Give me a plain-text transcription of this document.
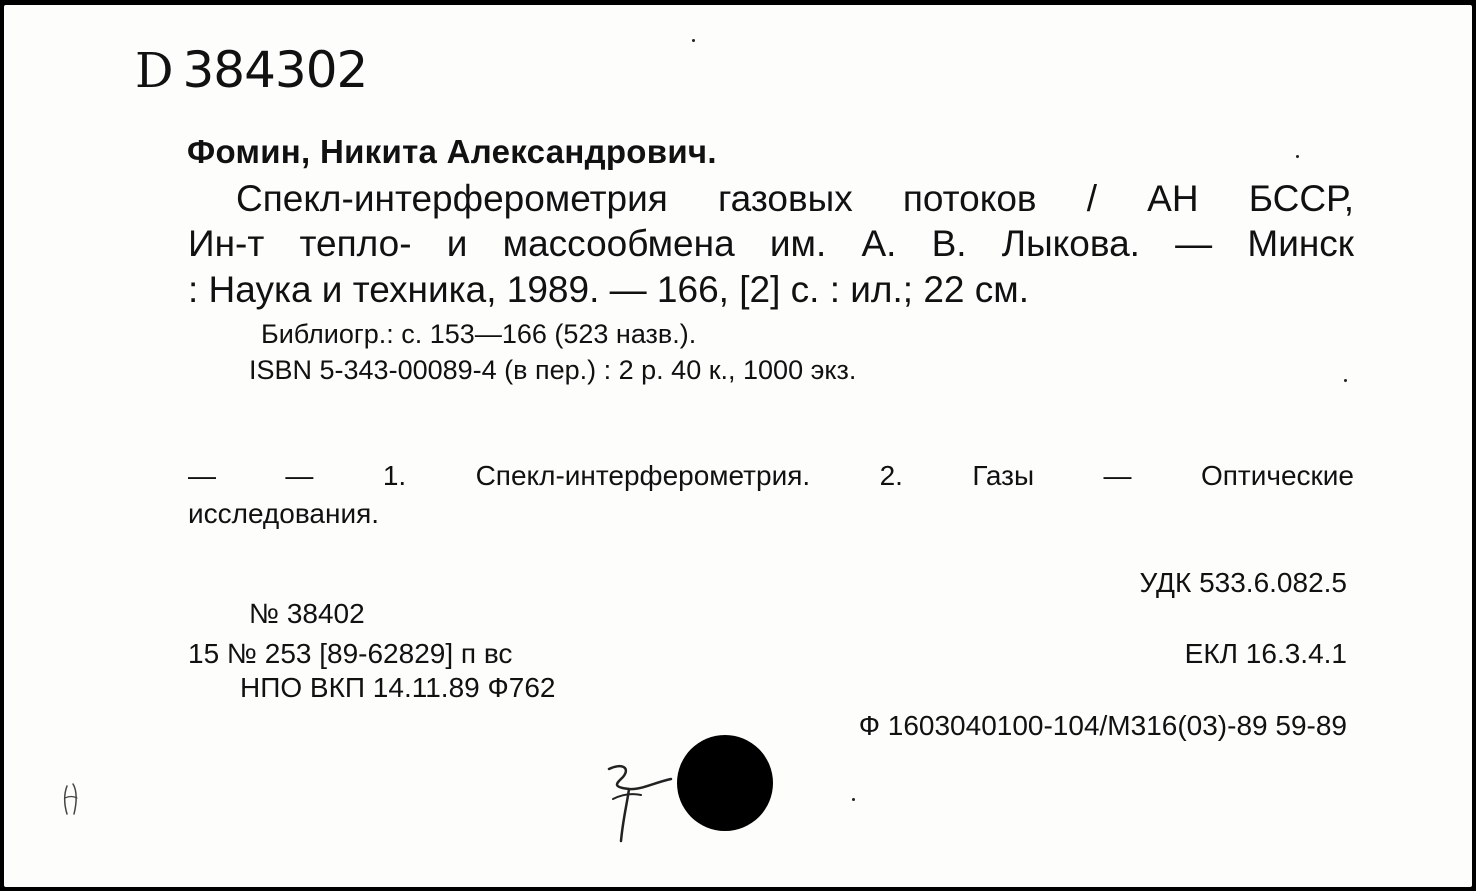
D 384302
Фомин, Никита Александрович.
Спекл-интерферометрия газовых потоков / АН БССР,
Ин-т тепло- и массообмена им. А. В. Лыкова. — Минск
: Наука и техника, 1989. — 166, [2] с. : ил.; 22 см.
Библиогр.: с. 153—166 (523 назв.).
ISBN 5-343-00089-4 (в пер.) : 2 р. 40 к., 1000 экз.
— — 1. Спекл-интерферометрия. 2. Газы — Оптические
исследования.
УДК 533.6.082.5
№ 38402
15 № 253 [89-62829] п вс	ЕКЛ 16.3.4.1
НПО ВКП 14.11.89 Ф762
Ф 1603040100-104/М316(03)-89 59-89
